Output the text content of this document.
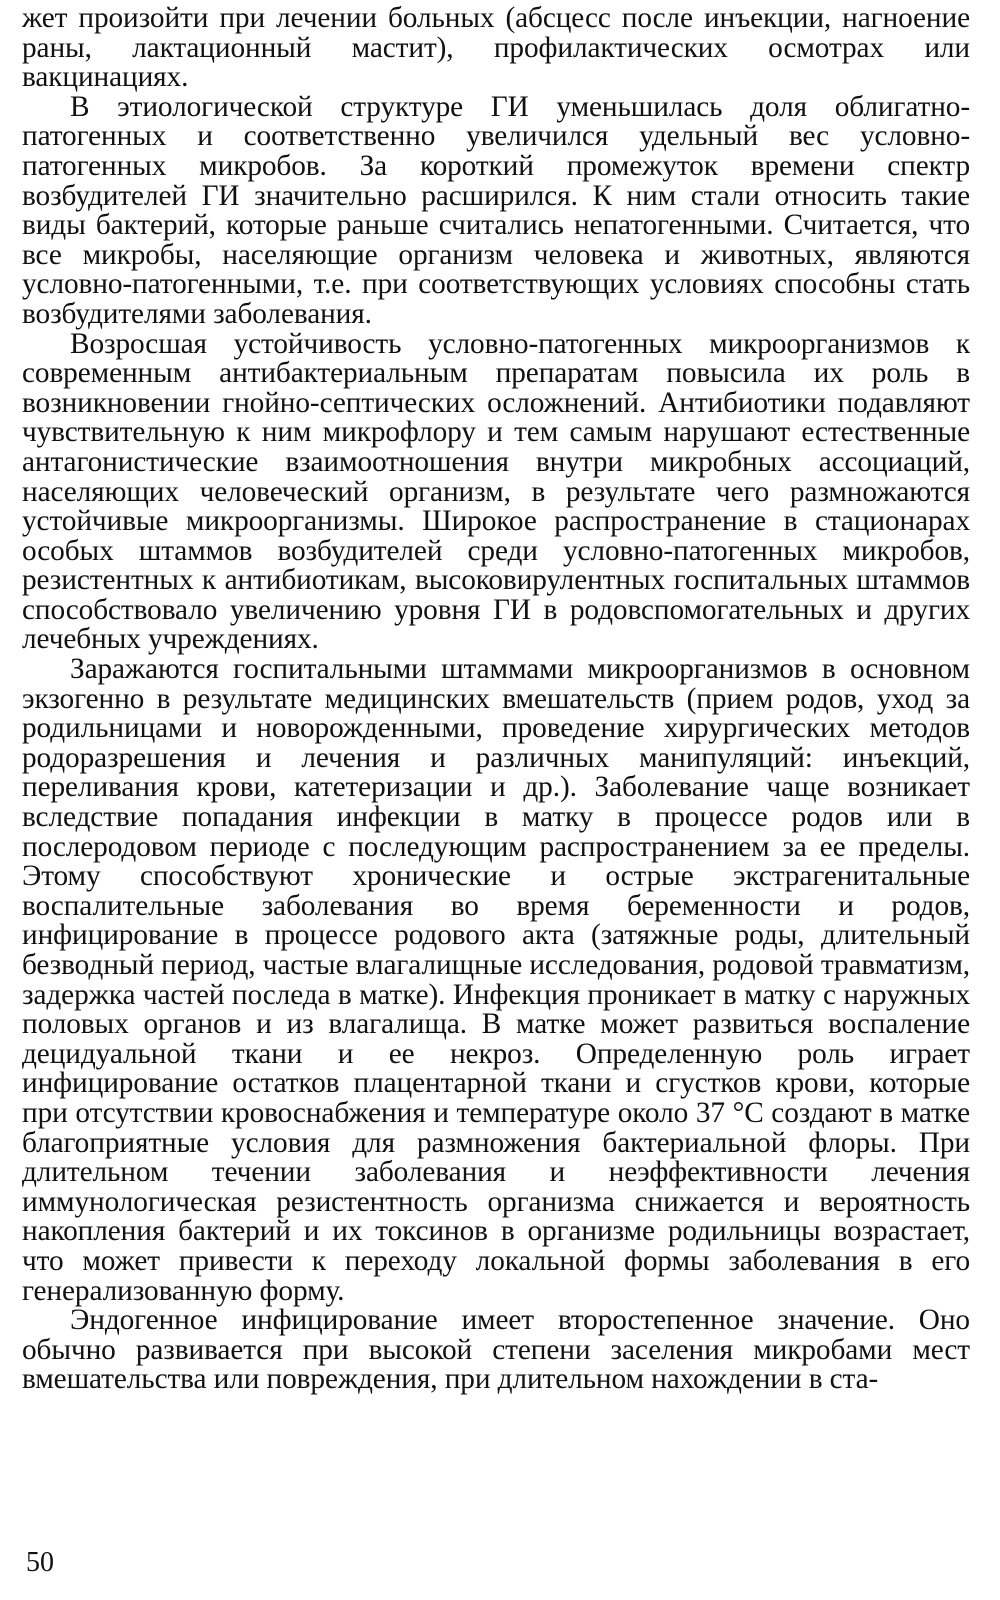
жет произойти при лечении больных (абсцесс после инъекции, нагноение раны, лактационный мастит), профилактических осмотрах или вакцинациях.

В этиологической структуре ГИ уменьшилась доля облигатно-патогенных и соответственно увеличился удельный вес условно-патогенных микробов. За короткий промежуток времени спектр возбудителей ГИ значительно расширился. К ним стали относить такие виды бактерий, которые раньше считались непатогенными. Считается, что все микробы, населяющие организм человека и животных, являются условно-патогенными, т.е. при соответствующих условиях способны стать возбудителями заболевания.

Возросшая устойчивость условно-патогенных микроорганизмов к современным антибактериальным препаратам повысила их роль в возникновении гнойно-септических осложнений. Антибиотики подавляют чувствительную к ним микрофлору и тем самым нарушают естественные антагонистические взаимоотношения внутри микробных ассоциаций, населяющих человеческий организм, в результате чего размножаются устойчивые микроорганизмы. Широкое распространение в стационарах особых штаммов возбудителей среди условно-патогенных микробов, резистентных к антибиотикам, высоковирулентных госпитальных штаммов способствовало увеличению уровня ГИ в родовспомогательных и других лечебных учреждениях.

Заражаются госпитальными штаммами микроорганизмов в основном экзогенно в результате медицинских вмешательств (прием родов, уход за родильницами и новорожденными, проведение хирургических методов родоразрешения и лечения и различных манипуляций: инъекций, переливания крови, катетеризации и др.). Заболевание чаще возникает вследствие попадания инфекции в матку в процессе родов или в послеродовом периоде с последующим распространением за ее пределы. Этому способствуют хронические и острые экстрагенитальные воспалительные заболевания во время беременности и родов, инфицирование в процессе родового акта (затяжные роды, длительный безводный период, частые влагалищные исследования, родовой травматизм, задержка частей последа в матке). Инфекция проникает в матку с наружных половых органов и из влагалища. В матке может развиться воспаление децидуальной ткани и ее некроз. Определенную роль играет инфицирование остатков плацентарной ткани и сгустков крови, которые при отсутствии кровоснабжения и температуре около 37 °С создают в матке благоприятные условия для размножения бактериальной флоры. При длительном течении заболевания и неэффективности лечения иммунологическая резистентность организма снижается и вероятность накопления бактерий и их токсинов в организме родильницы возрастает, что может привести к переходу локальной формы заболевания в его генерализованную форму.

Эндогенное инфицирование имеет второстепенное значение. Оно обычно развивается при высокой степени заселения микробами мест вмешательства или повреждения, при длительном нахождении в ста-

50
